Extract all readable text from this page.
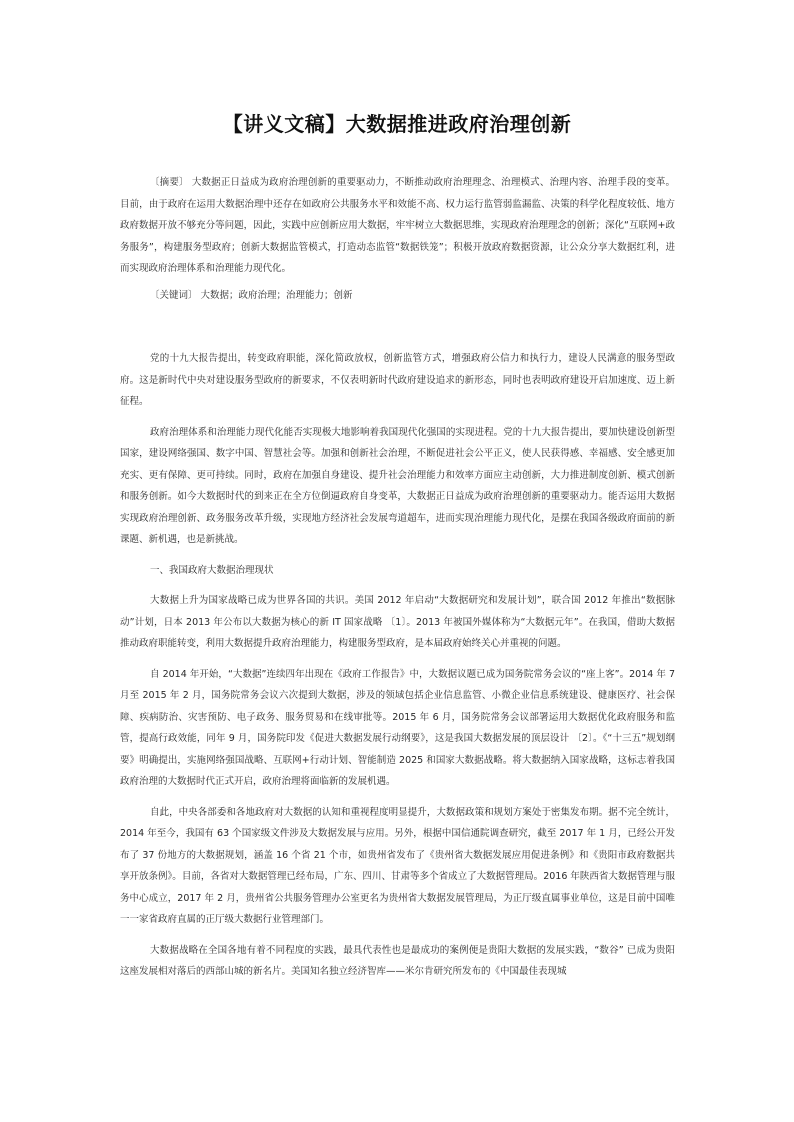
【讲义文稿】大数据推进政府治理创新

〔摘要〕 大数据正日益成为政府治理创新的重要驱动力，不断推动政府治理理念、治理模式、治理内容、治理手段的变革。目前，由于政府在运用大数据治理中还存在如政府公共服务水平和效能不高、权力运行监管弱监漏监、决策的科学化程度较低、地方政府数据开放不够充分等问题，因此，实践中应创新应用大数据，牢牢树立大数据思维，实现政府治理理念的创新；深化“互联网+政务服务”，构建服务型政府；创新大数据监管模式，打造动态监管“数据铁笼”；积极开放政府数据资源，让公众分享大数据红利，进而实现政府治理体系和治理能力现代化。

〔关键词〕 大数据；政府治理；治理能力；创新

党的十九大报告提出，转变政府职能，深化简政放权，创新监管方式，增强政府公信力和执行力，建设人民满意的服务型政府。这是新时代中央对建设服务型政府的新要求，不仅表明新时代政府建设追求的新形态，同时也表明政府建设开启加速度、迈上新征程。

政府治理体系和治理能力现代化能否实现极大地影响着我国现代化强国的实现进程。党的十九大报告提出，要加快建设创新型国家，建设网络强国、数字中国、智慧社会等。加强和创新社会治理，不断促进社会公平正义，使人民获得感、幸福感、安全感更加充实、更有保障、更可持续。同时，政府在加强自身建设、提升社会治理能力和效率方面应主动创新，大力推进制度创新、模式创新和服务创新。如今大数据时代的到来正在全方位倒逼政府自身变革，大数据正日益成为政府治理创新的重要驱动力。能否运用大数据实现政府治理创新、政务服务改革升级，实现地方经济社会发展弯道超车，进而实现治理能力现代化，是摆在我国各级政府面前的新课题、新机遇，也是新挑战。

一、我国政府大数据治理现状

大数据上升为国家战略已成为世界各国的共识。美国 2012 年启动“大数据研究和发展计划”，联合国 2012 年推出“数据脉动”计划，日本 2013 年公布以大数据为核心的新 IT 国家战略 〔1〕。2013 年被国外媒体称为“大数据元年”。在我国，借助大数据推动政府职能转变，利用大数据提升政府治理能力，构建服务型政府，是本届政府始终关心并重视的问题。

自 2014 年开始，“大数据”连续四年出现在《政府工作报告》中，大数据议题已成为国务院常务会议的“座上客”。2014 年 7 月至 2015 年 2 月，国务院常务会议六次提到大数据，涉及的领域包括企业信息监管、小微企业信息系统建设、健康医疗、社会保障、疾病防治、灾害预防、电子政务、服务贸易和在线审批等。2015 年 6 月，国务院常务会议部署运用大数据优化政府服务和监管，提高行政效能，同年 9 月，国务院印发《促进大数据发展行动纲要》，这是我国大数据发展的顶层设计 〔2〕。《“十三五”规划纲要》明确提出，实施网络强国战略、互联网+行动计划、智能制造 2025 和国家大数据战略。将大数据纳入国家战略，这标志着我国政府治理的大数据时代正式开启，政府治理将面临新的发展机遇。

自此，中央各部委和各地政府对大数据的认知和重视程度明显提升，大数据政策和规划方案处于密集发布期。据不完全统计，2014 年至今，我国有 63 个国家级文件涉及大数据发展与应用。另外，根据中国信通院调查研究，截至 2017 年 1 月，已经公开发布了 37 份地方的大数据规划，涵盖 16 个省 21 个市，如贵州省发布了《贵州省大数据发展应用促进条例》和《贵阳市政府数据共享开放条例》。目前，各省对大数据管理已经布局，广东、四川、甘肃等多个省成立了大数据管理局。2016 年陕西省大数据管理与服务中心成立，2017 年 2 月，贵州省公共服务管理办公室更名为贵州省大数据发展管理局，为正厅级直属事业单位，这是目前中国唯一一家省政府直属的正厅级大数据行业管理部门。

大数据战略在全国各地有着不同程度的实践，最具代表性也是最成功的案例便是贵阳大数据的发展实践，“数谷” 已成为贵阳这座发展相对落后的西部山城的新名片。美国知名独立经济智库——米尔肯研究所发布的《中国最佳表现城
